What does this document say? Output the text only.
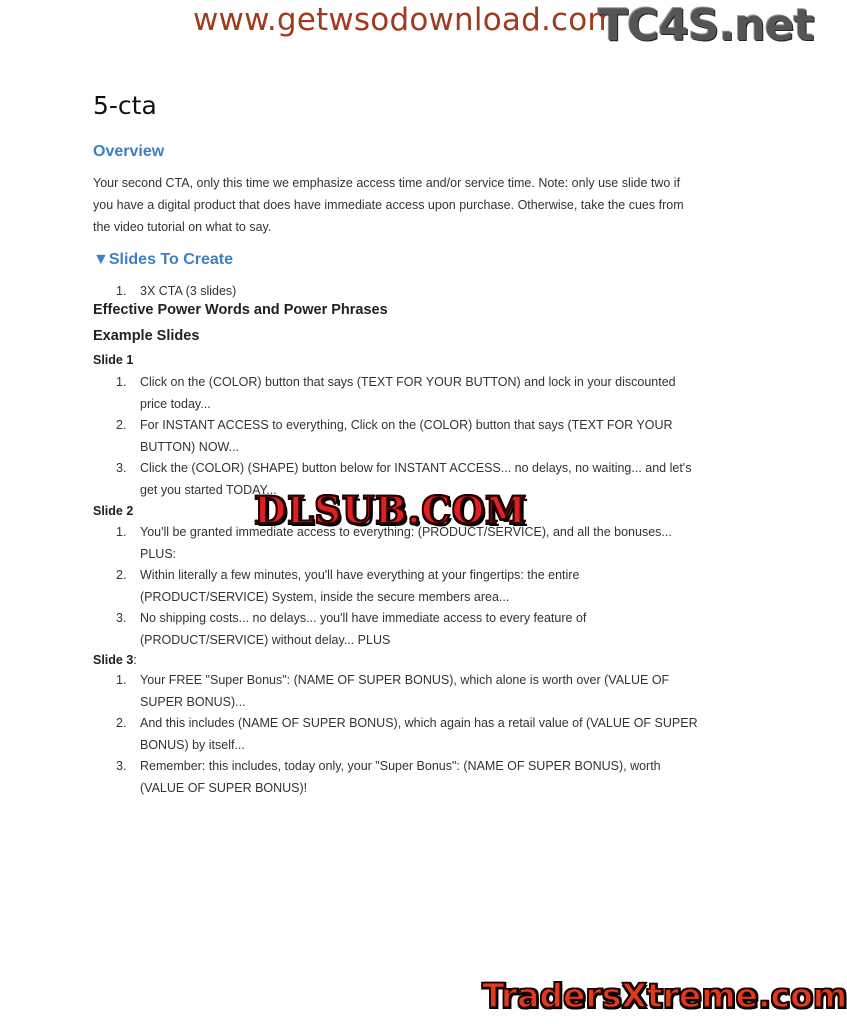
www.getwsodownload.com
TC4S.net
5-cta
Overview

Your second CTA, only this time we emphasize access time and/or service time. Note: only use slide two if you have a digital product that does have immediate access upon purchase. Otherwise, take the cues from the video tutorial on what to say.

▼Slides To Create
1. 3X CTA (3 slides)
Effective Power Words and Power Phrases
Example Slides
Slide 1
1. Click on the (COLOR) button that says (TEXT FOR YOUR BUTTON) and lock in your discounted price today...
2. For INSTANT ACCESS to everything, Click on the (COLOR) button that says (TEXT FOR YOUR BUTTON) NOW...
3. Click the (COLOR) (SHAPE) button below for INSTANT ACCESS... no delays, no waiting... and let's get you started TODAY...
Slide 2
1. You'll be granted immediate access to everything: (PRODUCT/SERVICE), and all the bonuses... PLUS:
2. Within literally a few minutes, you'll have everything at your fingertips: the entire (PRODUCT/SERVICE) System, inside the secure members area...
3. No shipping costs... no delays... you'll have immediate access to every feature of (PRODUCT/SERVICE) without delay... PLUS
Slide 3:
1. Your FREE "Super Bonus": (NAME OF SUPER BONUS), which alone is worth over (VALUE OF SUPER BONUS)...
2. And this includes (NAME OF SUPER BONUS), which again has a retail value of (VALUE OF SUPER BONUS) by itself...
3. Remember: this includes, today only, your "Super Bonus": (NAME OF SUPER BONUS), worth (VALUE OF SUPER BONUS)!
DLSUB.COM
TradersXtreme.com
